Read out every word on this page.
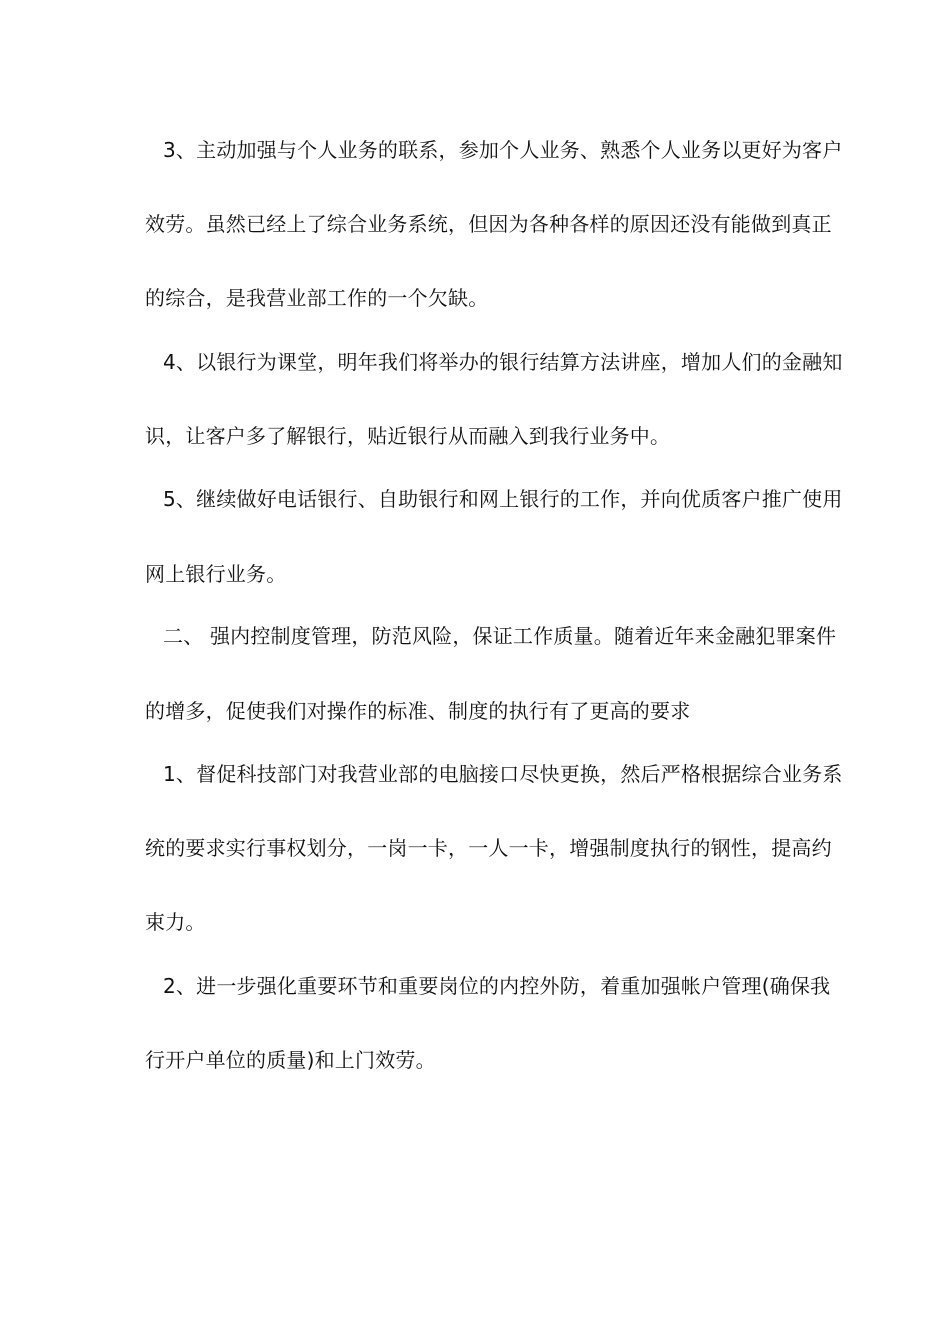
3、主动加强与个人业务的联系，参加个人业务、熟悉个人业务以更好为客户
效劳。虽然已经上了综合业务系统，但因为各种各样的原因还没有能做到真正
的综合，是我营业部工作的一个欠缺。
4、以银行为课堂，明年我们将举办的银行结算方法讲座，增加人们的金融知
识，让客户多了解银行，贴近银行从而融入到我行业务中。
5、继续做好电话银行、自助银行和网上银行的工作，并向优质客户推广使用
网上银行业务。
二、 强内控制度管理，防范风险，保证工作质量。随着近年来金融犯罪案件
的增多，促使我们对操作的标准、制度的执行有了更高的要求
1、督促科技部门对我营业部的电脑接口尽快更换，然后严格根据综合业务系
统的要求实行事权划分，一岗一卡，一人一卡，增强制度执行的钢性，提高约
束力。
2、进一步强化重要环节和重要岗位的内控外防，着重加强帐户管理(确保我
行开户单位的质量)和上门效劳。
